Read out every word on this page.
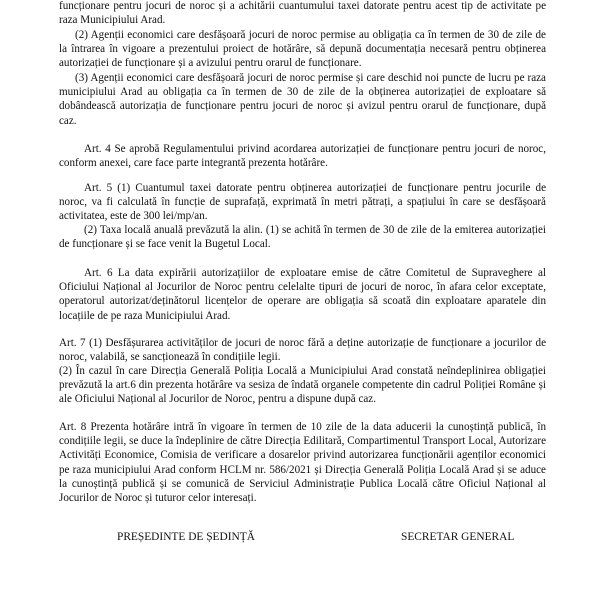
funcționare pentru jocuri de noroc și a achitării cuantumului taxei datorate pentru acest tip de activitate pe raza Municipiului Arad.

(2) Agenții economici care desfășoară jocuri de noroc permise au obligația ca în termen de 30 de zile de la întrarea în vigoare a prezentului proiect de hotărâre, să depună documentația necesară pentru obținerea autorizației de funcționare și a avizului pentru orarul de funcționare.

(3) Agenții economici care desfășoară jocuri de noroc permise și care deschid noi puncte de lucru pe raza municipiului Arad au obligația ca în termen de 30 de zile de la obținerea autorizației de exploatare să dobândească autorizația de funcționare pentru jocuri de noroc și avizul pentru orarul de funcționare, după caz.

Art. 4 Se aprobă Regulamentului privind acordarea autorizației de funcționare pentru jocuri de noroc, conform anexei, care face parte integrantă prezenta hotărâre.

Art. 5 (1) Cuantumul taxei datorate pentru obținerea autorizației de funcționare pentru jocurile de noroc, va fi calculată în funcție de suprafață, exprimată în metri pătrați, a spațiului în care se desfășoară activitatea, este de 300 lei/mp/an.

(2) Taxa locală anuală prevăzută la alin. (1) se achită în termen de 30 de zile de la emiterea autorizației de funcționare și se face venit la Bugetul Local.

Art. 6 La data expirării autorizațiilor de exploatare emise de către Comitetul de Supraveghere al Oficiului Național al Jocurilor de Noroc pentru celelalte tipuri de jocuri de noroc, în afara celor exceptate, operatorul autorizat/deținătorul licențelor de operare are obligația să scoată din exploatare aparatele din locațiile de pe raza Municipiului Arad.

Art. 7 (1) Desfășurarea activităților de jocuri de noroc fără a deține autorizație de funcționare a jocurilor de noroc, valabilă, se sancționează în condițiile legii.

(2) În cazul în care Direcția Generală Poliția Locală a Municipiului Arad constată neîndeplinirea obligației prevăzută la art.6 din prezenta hotărâre va sesiza de îndată organele competente din cadrul Poliției Române și ale Oficiului Național al Jocurilor de Noroc, pentru a dispune după caz.

Art. 8 Prezenta hotărâre intră în vigoare în termen de 10 zile de la data aducerii la cunoștință publică, în condițiile legii, se duce la îndeplinire de către Direcția Edilitară, Compartimentul Transport Local, Autorizare Activități Economice, Comisia de verificare a dosarelor privind autorizarea funcționării agenților economici pe raza municipiului Arad conform HCLM nr. 586/2021 și Direcția Generală Poliția Locală Arad și se aduce la cunoștință publică și se comunică de Serviciul Administrație Publica Locală către Oficiul Național al Jocurilor de Noroc și tuturor celor interesați.

PREȘEDINTE DE ȘEDINȚĂ	SECRETAR GENERAL
